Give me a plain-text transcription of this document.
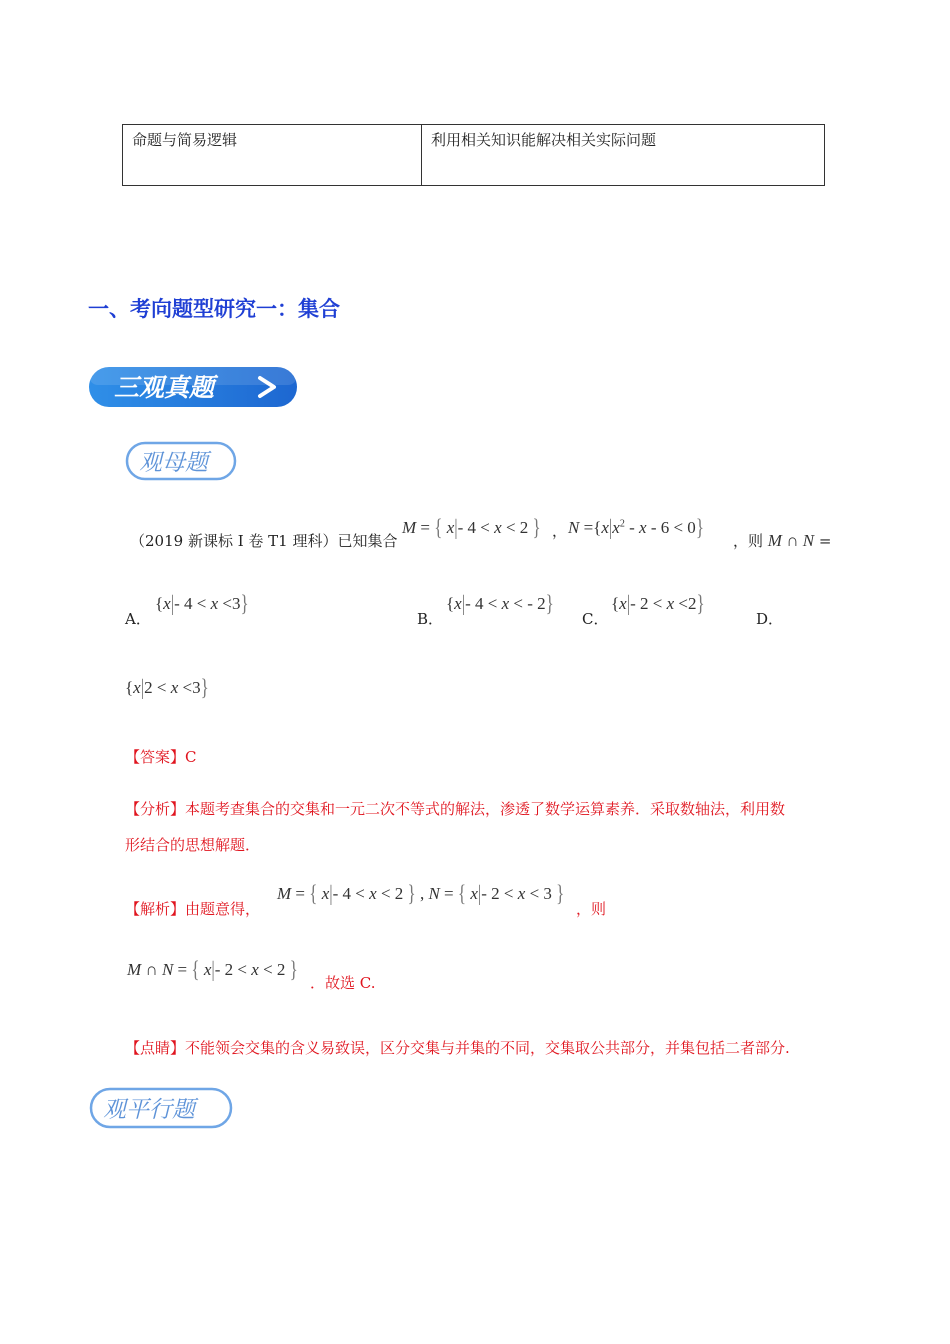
命题与简易逻辑	利用相关知识能解决相关实际问题
一、考向题型研究一：集合
三观真题
观母题
（2019 新课标 I 卷 T1 理科）已知集合
M = { x|- 4 < x < 2 } ， $N =\{x|x^2 - x - 6 < 0\}$
，则 M ∩ N =
A．
{x|- 4 < x <3}
B．
{x|- 4 < x < - 2}
C．
{x|- 2 < x <2}
D．
{x|2 < x <3}
【答案】C
【分析】本题考查集合的交集和一元二次不等式的解法，渗透了数学运算素养．采取数轴法，利用数
形结合的思想解题．
【解析】由题意得，
M = { x|- 4 < x < 2 } , N = { x|- 2 < x < 3 }
，则
M ∩ N = { x|- 2 < x < 2 }
．故选 C.
【点睛】不能领会交集的含义易致误，区分交集与并集的不同，交集取公共部分，并集包括二者部分.
观平行题
